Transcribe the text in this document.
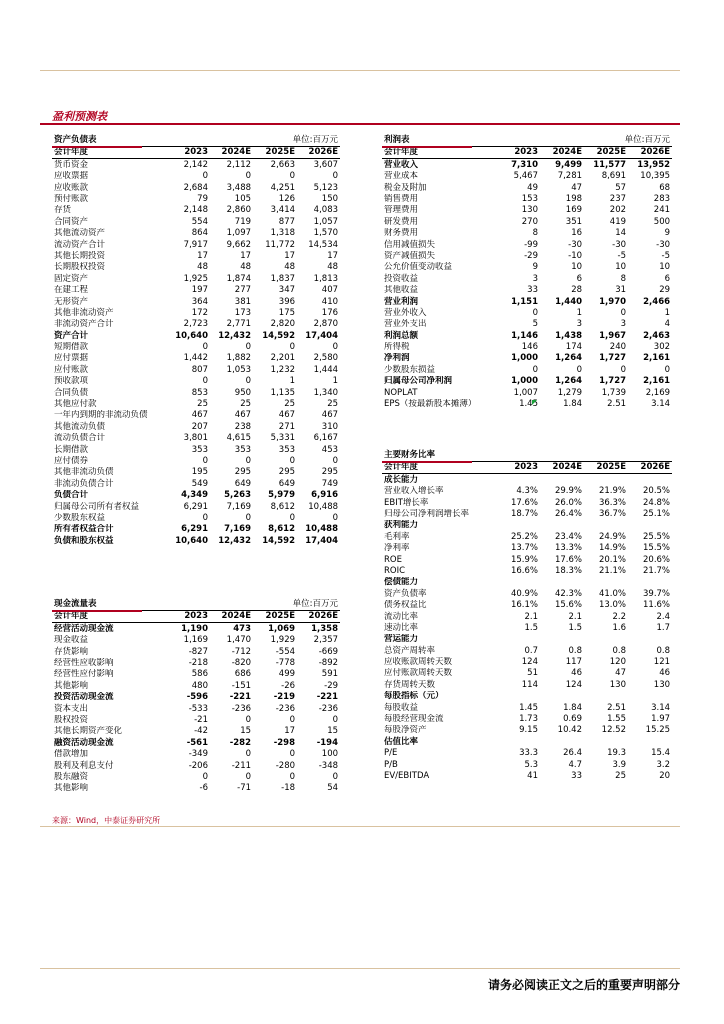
盈利预测表
资产负债表			单位:百万元	
会计年度	2023	2024E	2025E	2026E
货币资金	2,142	2,112	2,663	3,607
应收票据	0	0	0	0
应收账款	2,684	3,488	4,251	5,123
预付账款	79	105	126	150
存货	2,148	2,860	3,414	4,083
合同资产	554	719	877	1,057
其他流动资产	864	1,097	1,318	1,570
流动资产合计	7,917	9,662	11,772	14,534
其他长期投资	17	17	17	17
长期股权投资	48	48	48	48
固定资产	1,925	1,874	1,837	1,813
在建工程	197	277	347	407
无形资产	364	381	396	410
其他非流动资产	172	173	175	176
非流动资产合计	2,723	2,771	2,820	2,870
资产合计	10,640	12,432	14,592	17,404
短期借款	0	0	0	0
应付票据	1,442	1,882	2,201	2,580
应付账款	807	1,053	1,232	1,444
预收款项	0	0	1	1
合同负债	853	950	1,135	1,340
其他应付款	25	25	25	25
一年内到期的非流动负债	467	467	467	467
其他流动负债	207	238	271	310
流动负债合计	3,801	4,615	5,331	6,167
长期借款	353	353	353	453
应付债券	0	0	0	0
其他非流动负债	195	295	295	295
非流动负债合计	549	649	649	749
负债合计	4,349	5,263	5,979	6,916
归属母公司所有者权益	6,291	7,169	8,612	10,488
少数股东权益	0	0	0	0
所有者权益合计	6,291	7,169	8,612	10,488
负债和股东权益	10,640	12,432	14,592	17,404
利润表			单位:百万元	
会计年度	2023	2024E	2025E	2026E
营业收入	7,310	9,499	11,577	13,952
营业成本	5,467	7,281	8,691	10,395
税金及附加	49	47	57	68
销售费用	153	198	237	283
管理费用	130	169	202	241
研发费用	270	351	419	500
财务费用	8	16	14	9
信用减值损失	-99	-30	-30	-30
资产减值损失	-29	-10	-5	-5
公允价值变动收益	9	10	10	10
投资收益	3	6	8	6
其他收益	33	28	31	29
营业利润	1,151	1,440	1,970	2,466
营业外收入	0	1	0	1
营业外支出	5	3	3	4
利润总额	1,146	1,438	1,967	2,463
所得税	146	174	240	302
净利润	1,000	1,264	1,727	2,161
少数股东损益	0	0	0	0
归属母公司净利润	1,000	1,264	1,727	2,161
NOPLAT	1,007	1,279	1,739	2,169
EPS（按最新股本摊薄）	1.45	1.84	2.51	3.14
主要财务比率				
会计年度	2023	2024E	2025E	2026E
成长能力				
营业收入增长率	4.3%	29.9%	21.9%	20.5%
EBIT增长率	17.6%	26.0%	36.3%	24.8%
归母公司净利润增长率	18.7%	26.4%	36.7%	25.1%
获利能力				
毛利率	25.2%	23.4%	24.9%	25.5%
净利率	13.7%	13.3%	14.9%	15.5%
ROE	15.9%	17.6%	20.1%	20.6%
ROIC	16.6%	18.3%	21.1%	21.7%
偿债能力				
资产负债率	40.9%	42.3%	41.0%	39.7%
债务权益比	16.1%	15.6%	13.0%	11.6%
流动比率	2.1	2.1	2.2	2.4
速动比率	1.5	1.5	1.6	1.7
营运能力				
总资产周转率	0.7	0.8	0.8	0.8
应收账款周转天数	124	117	120	121
应付账款周转天数	51	46	47	46
存货周转天数	114	124	130	130
每股指标（元）				
每股收益	1.45	1.84	2.51	3.14
每股经营现金流	1.73	0.69	1.55	1.97
每股净资产	9.15	10.42	12.52	15.25
估值比率				
P/E	33.3	26.4	19.3	15.4
P/B	5.3	4.7	3.9	3.2
EV/EBITDA	41	33	25	20
现金流量表			单位:百万元	
会计年度	2023	2024E	2025E	2026E
经营活动现金流	1,190	473	1,069	1,358
现金收益	1,169	1,470	1,929	2,357
存货影响	-827	-712	-554	-669
经营性应收影响	-218	-820	-778	-892
经营性应付影响	586	686	499	591
其他影响	480	-151	-26	-29
投资活动现金流	-596	-221	-219	-221
资本支出	-533	-236	-236	-236
股权投资	-21	0	0	0
其他长期资产变化	-42	15	17	15
融资活动现金流	-561	-282	-298	-194
借款增加	-349	0	0	100
股利及利息支付	-206	-211	-280	-348
股东融资	0	0	0	0
其他影响	-6	-71	-18	54
来源：Wind，中泰证券研究所
请务必阅读正文之后的重要声明部分
